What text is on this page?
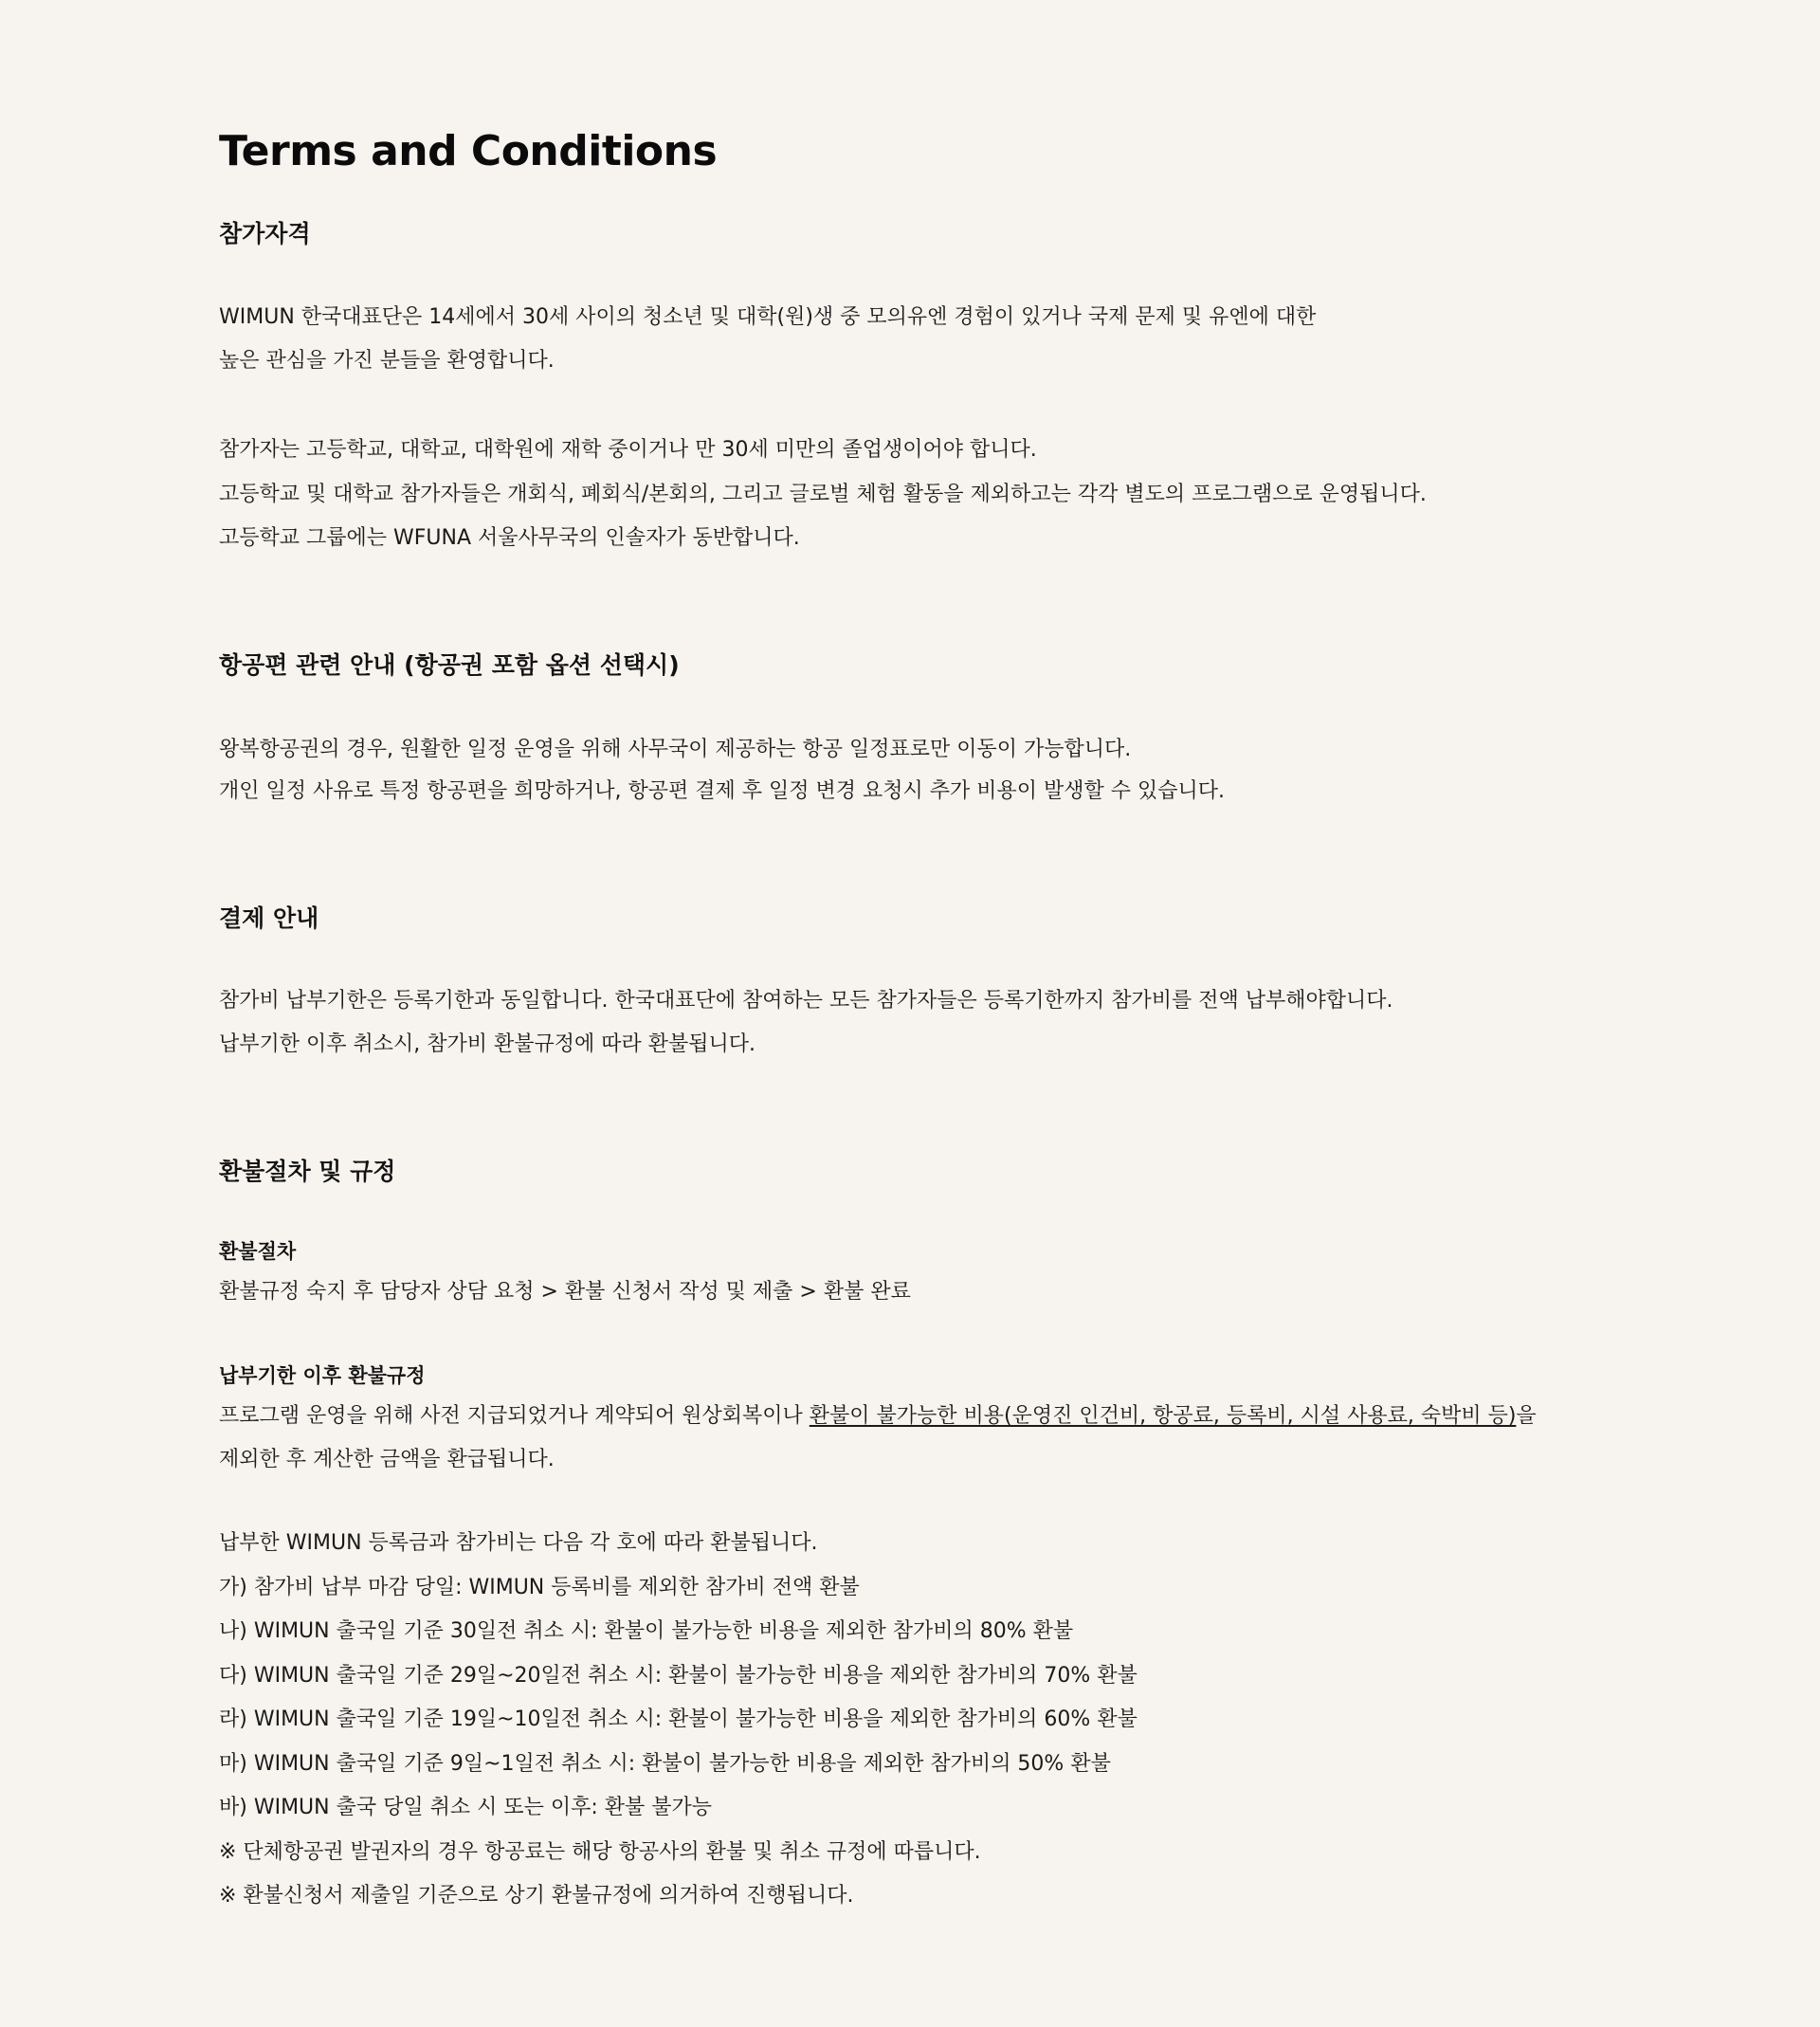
Terms and Conditions
참가자격

WIMUN 한국대표단은 14세에서 30세 사이의 청소년 및 대학(원)생 중 모의유엔 경험이 있거나 국제 문제 및 유엔에 대한

높은 관심을 가진 분들을 환영합니다.

참가자는 고등학교, 대학교, 대학원에 재학 중이거나 만 30세 미만의 졸업생이어야 합니다.

고등학교 및 대학교 참가자들은 개회식, 폐회식/본회의, 그리고 글로벌 체험 활동을 제외하고는 각각 별도의 프로그램으로 운영됩니다.

고등학교 그룹에는 WFUNA 서울사무국의 인솔자가 동반합니다.

항공편 관련 안내 (항공권 포함 옵션 선택시)

왕복항공권의 경우, 원활한 일정 운영을 위해 사무국이 제공하는 항공 일정표로만 이동이 가능합니다.

개인 일정 사유로 특정 항공편을 희망하거나, 항공편 결제 후 일정 변경 요청시 추가 비용이 발생할 수 있습니다.

결제 안내

참가비 납부기한은 등록기한과 동일합니다. 한국대표단에 참여하는 모든 참가자들은 등록기한까지 참가비를 전액 납부해야합니다.

납부기한 이후 취소시, 참가비 환불규정에 따라 환불됩니다.

환불절차 및 규정
환불절차

환불규정 숙지 후 담당자 상담 요청 > 환불 신청서 작성 및 제출 > 환불 완료

납부기한 이후 환불규정

프로그램 운영을 위해 사전 지급되었거나 계약되어 원상회복이나 환불이 불가능한 비용(운영진 인건비, 항공료, 등록비, 시설 사용료, 숙박비 등)을

제외한 후 계산한 금액을 환급됩니다.

납부한 WIMUN 등록금과 참가비는 다음 각 호에 따라 환불됩니다.

가) 참가비 납부 마감 당일: WIMUN 등록비를 제외한 참가비 전액 환불

나) WIMUN 출국일 기준 30일전 취소 시: 환불이 불가능한 비용을 제외한 참가비의 80% 환불

다) WIMUN 출국일 기준 29일~20일전 취소 시: 환불이 불가능한 비용을 제외한 참가비의 70% 환불

라) WIMUN 출국일 기준 19일~10일전 취소 시: 환불이 불가능한 비용을 제외한 참가비의 60% 환불

마) WIMUN 출국일 기준 9일~1일전 취소 시: 환불이 불가능한 비용을 제외한 참가비의 50% 환불

바) WIMUN 출국 당일 취소 시 또는 이후: 환불 불가능

※ 단체항공권 발권자의 경우 항공료는 해당 항공사의 환불 및 취소 규정에 따릅니다.

※ 환불신청서 제출일 기준으로 상기 환불규정에 의거하여 진행됩니다.
